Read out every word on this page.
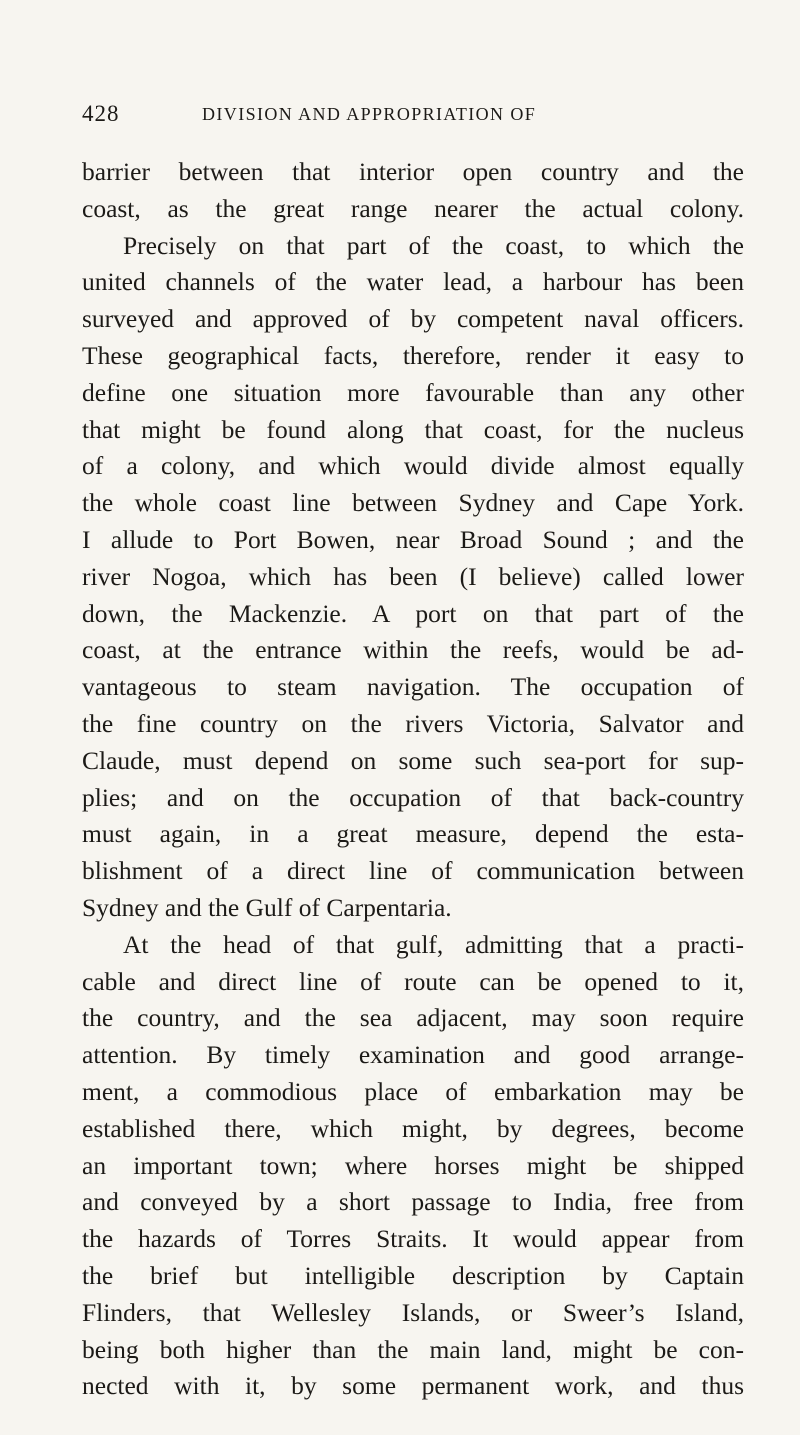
428	DIVISION AND APPROPRIATION OF
barrier between that interior open country and the
coast, as the great range nearer the actual colony.
Precisely on that part of the coast, to which the
united channels of the water lead, a harbour has been
surveyed and approved of by competent naval officers.
These geographical facts, therefore, render it easy to
define one situation more favourable than any other
that might be found along that coast, for the nucleus
of a colony, and which would divide almost equally
the whole coast line between Sydney and Cape York.
I allude to Port Bowen, near Broad Sound ; and the
river Nogoa, which has been (I believe) called lower
down, the Mackenzie. A port on that part of the
coast, at the entrance within the reefs, would be ad-
vantageous to steam navigation. The occupation of
the fine country on the rivers Victoria, Salvator and
Claude, must depend on some such sea-port for sup-
plies; and on the occupation of that back-country
must again, in a great measure, depend the esta-
blishment of a direct line of communication between
Sydney and the Gulf of Carpentaria.
At the head of that gulf, admitting that a practi-
cable and direct line of route can be opened to it,
the country, and the sea adjacent, may soon require
attention. By timely examination and good arrange-
ment, a commodious place of embarkation may be
established there, which might, by degrees, become
an important town; where horses might be shipped
and conveyed by a short passage to India, free from
the hazards of Torres Straits. It would appear from
the brief but intelligible description by Captain
Flinders, that Wellesley Islands, or Sweer’s Island,
being both higher than the main land, might be con-
nected with it, by some permanent work, and thus
